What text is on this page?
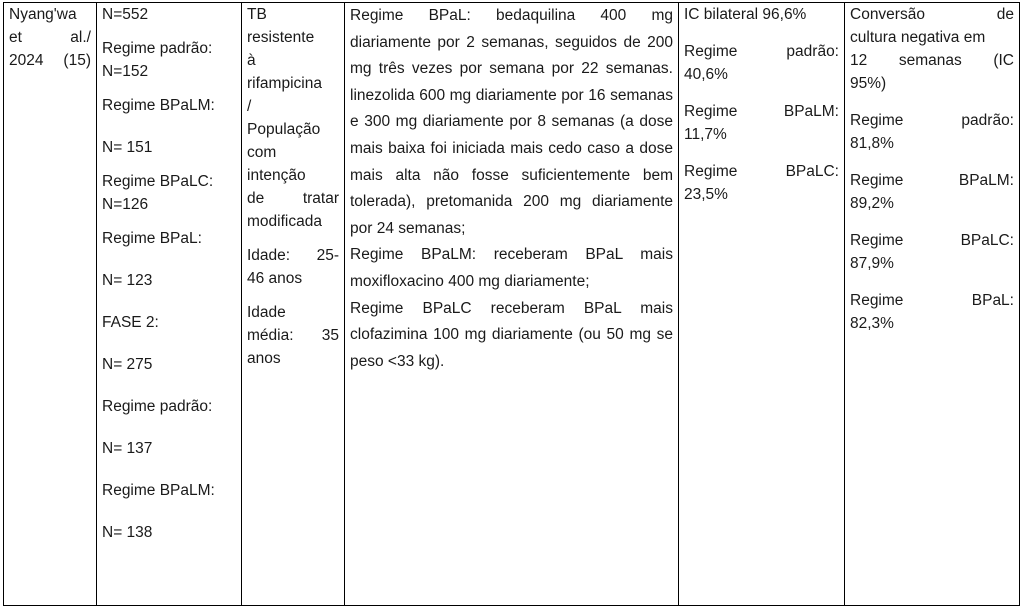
Nyang'wa
et al./
2024 (15)

N=552
Regime padrão:
N=152
Regime BPaLM:
N= 151
Regime BPaLC:
N=126
Regime BPaL:
N= 123
FASE 2:
N= 275
Regime padrão:
N= 137
Regime BPaLM:
N= 138

TB
resistente
à
rifampicina
/
População
com
intenção
de tratar
modificada
Idade: 25-
46 anos
Idade
média: 35
anos

Regime BPaL: bedaquilina 400 mg diariamente por 2 semanas, seguidos de 200 mg três vezes por semana por 22 semanas. linezolida 600 mg diariamente por 16 semanas e 300 mg diariamente por 8 semanas (a dose mais baixa foi iniciada mais cedo caso a dose mais alta não fosse suficientemente bem tolerada), pretomanida 200 mg diariamente por 24 semanas;
Regime BPaLM: receberam BPaL mais moxifloxacino 400 mg diariamente;
Regime BPaLC receberam BPaL mais clofazimina 100 mg diariamente (ou 50 mg se peso <33 kg).

IC bilateral 96,6%
Regime padrão:
40,6%
Regime BPaLM:
11,7%
Regime BPaLC:
23,5%

Conversão de
cultura negativa em
12 semanas (IC
95%)
Regime padrão:
81,8%
Regime BPaLM:
89,2%
Regime BPaLC:
87,9%
Regime BPaL:
82,3%
